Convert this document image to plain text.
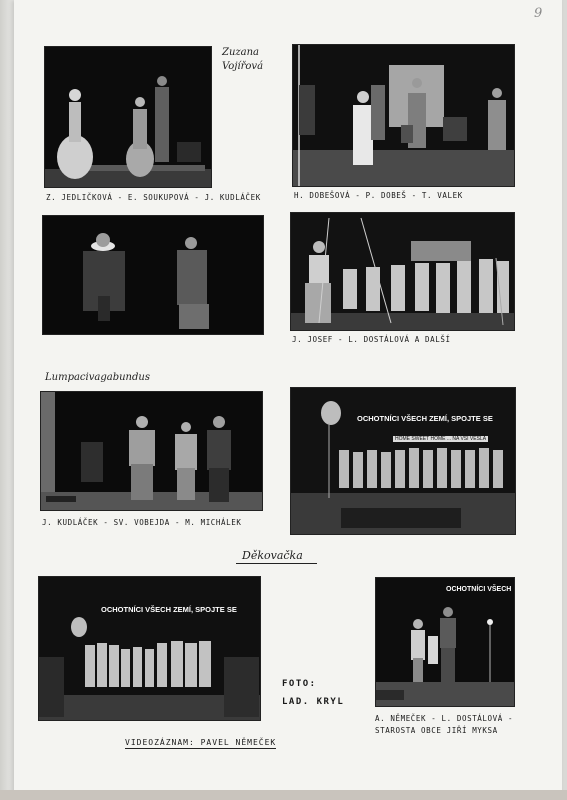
9
Zuzana Vojířová
Z. JEDLIČKOVÁ - E. SOUKUPOVÁ - J. KUDLÁČEK	H. DOBEŠOVÁ - P. DOBEŠ - T. VALEK
J. JOSEF - L. DOSTÁLOVÁ A DALŠÍ
Lumpacivagabundus
J. KUDLÁČEK - SV. VOBEJDA - M. MICHÁLEK
OCHOTNÍCI VŠECH ZEMÍ, SPOJTE SE
HOME SWEET HOME ... NA VSI VESLA
Děkovačka
OCHOTNÍCI VŠECH ZEMÍ, SPOJTE SE
OCHOTNÍCI VŠECH
A. NĚMEČEK - L. DOSTÁLOVÁ -
STAROSTA OBCE JIŘÍ MYKSA
FOTO:
LAD. KRYL
VIDEOZÁZNAM: PAVEL NĚMEČEK
